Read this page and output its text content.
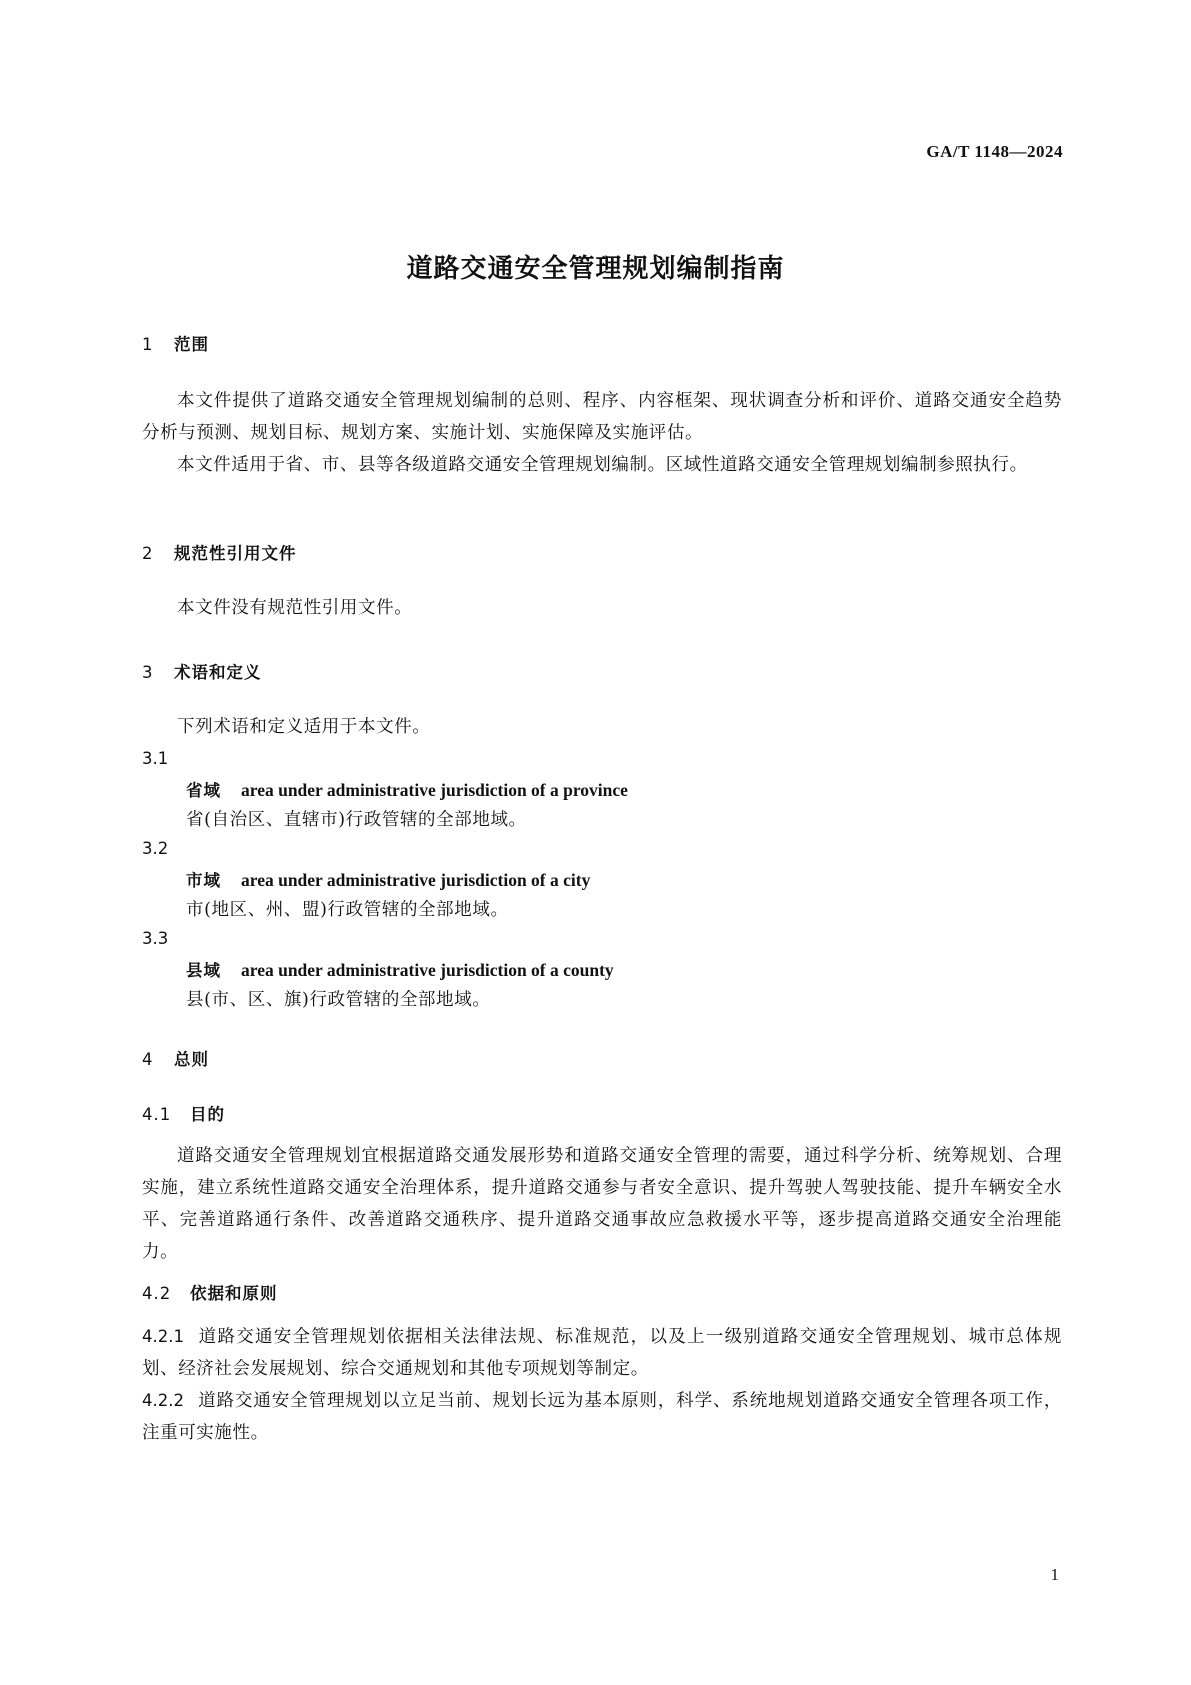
GA/T 1148—2024
道路交通安全管理规划编制指南
1 范围
本文件提供了道路交通安全管理规划编制的总则、程序、内容框架、现状调查分析和评价、道路交通安全趋势分析与预测、规划目标、规划方案、实施计划、实施保障及实施评估。
本文件适用于省、市、县等各级道路交通安全管理规划编制。区域性道路交通安全管理规划编制参照执行。
2 规范性引用文件
本文件没有规范性引用文件。
3 术语和定义
下列术语和定义适用于本文件。
3.1
省域 area under administrative jurisdiction of a province
省(自治区、直辖市)行政管辖的全部地域。
3.2
市域 area under administrative jurisdiction of a city
市(地区、州、盟)行政管辖的全部地域。
3.3
县域 area under administrative jurisdiction of a county
县(市、区、旗)行政管辖的全部地域。
4 总则
4.1 目的
道路交通安全管理规划宜根据道路交通发展形势和道路交通安全管理的需要，通过科学分析、统筹规划、合理实施，建立系统性道路交通安全治理体系，提升道路交通参与者安全意识、提升驾驶人驾驶技能、提升车辆安全水平、完善道路通行条件、改善道路交通秩序、提升道路交通事故应急救援水平等，逐步提高道路交通安全治理能力。
4.2 依据和原则
4.2.1 道路交通安全管理规划依据相关法律法规、标准规范，以及上一级别道路交通安全管理规划、城市总体规划、经济社会发展规划、综合交通规划和其他专项规划等制定。
4.2.2 道路交通安全管理规划以立足当前、规划长远为基本原则，科学、系统地规划道路交通安全管理各项工作，注重可实施性。
1
